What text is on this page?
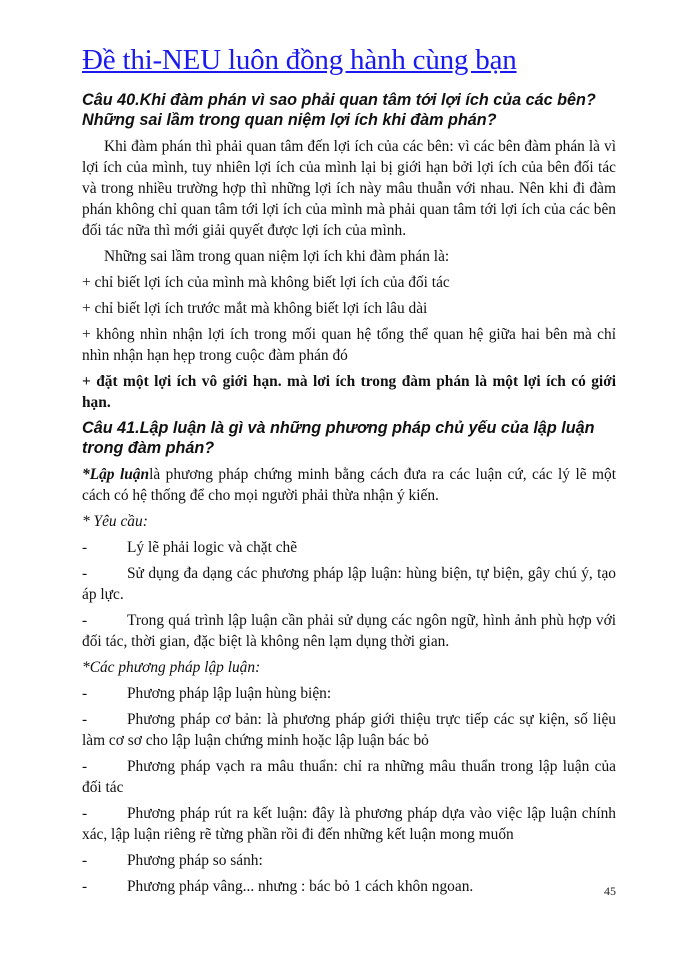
Đề thi-NEU luôn đồng hành cùng bạn
Câu 40.Khi đàm phán vì sao phải quan tâm tới lợi ích của các bên? Những sai lầm trong quan niệm lợi ích khi đàm phán?

Khi đàm phán thì phải quan tâm đến lợi ích của các bên: vì các bên đàm phán là vì lợi ích của mình, tuy nhiên lợi ích của mình lại bị giới hạn bởi lợi ích của bên đối tác và trong nhiều trường hợp thì những lợi ích này mâu thuẫn với nhau. Nên khi đi đàm phán không chỉ quan tâm tới lợi ích của mình mà phải quan tâm tới lợi ích của các bên đối tác nữa thì mới giải quyết được lợi ích của mình.

Những sai lầm trong quan niệm lợi ích khi đàm phán là:

+ chỉ biết lợi ích của mình mà không biết lợi ích của đối tác

+ chỉ biết lợi ích trước mắt mà không biết lợi ích lâu dài

+ không nhìn nhận lợi ích trong mối quan hệ tổng thể quan hệ giữa hai bên mà chỉ nhìn nhận hạn hẹp trong cuộc đàm phán đó

+ đặt một lợi ích vô giới hạn. mà lơi ích trong đàm phán là một lợi ích có giới hạn.

Câu 41.Lập luận là gì và những phương pháp chủ yếu của lập luận trong đàm phán?

*Lập luậnlà phương pháp chứng minh bằng cách đưa ra các luận cứ, các lý lẽ một cách có hệ thống để cho mọi người phải thừa nhận ý kiến.

* Yêu cầu:

-	Lý lẽ phải logic và chặt chẽ
-	Sử dụng đa dạng các phương pháp lập luận: hùng biện, tự biện, gây chú ý, tạo áp lực.
-	Trong quá trình lập luận cần phải sử dụng các ngôn ngữ, hình ảnh phù hợp với đối tác, thời gian, đặc biệt là không nên lạm dụng thời gian.

*Các phương pháp lập luận:

-	Phương pháp lập luận hùng biện:
-	Phương pháp cơ bản: là phương pháp giới thiệu trực tiếp các sự kiện, số liệu làm cơ sơ cho lập luận chứng minh hoặc lập luận bác bỏ
-	Phương pháp vạch ra mâu thuẩn: chỉ ra những mâu thuẩn trong lập luận của đối tác
-	Phương pháp rút ra kết luận: đây là phương pháp dựa vào việc lập luận chính xác, lập luận riêng rẽ từng phần rồi đi đến những kết luận mong muốn
-	Phương pháp so sánh:
-	Phương pháp vâng... nhưng : bác bỏ 1 cách khôn ngoan.	45
